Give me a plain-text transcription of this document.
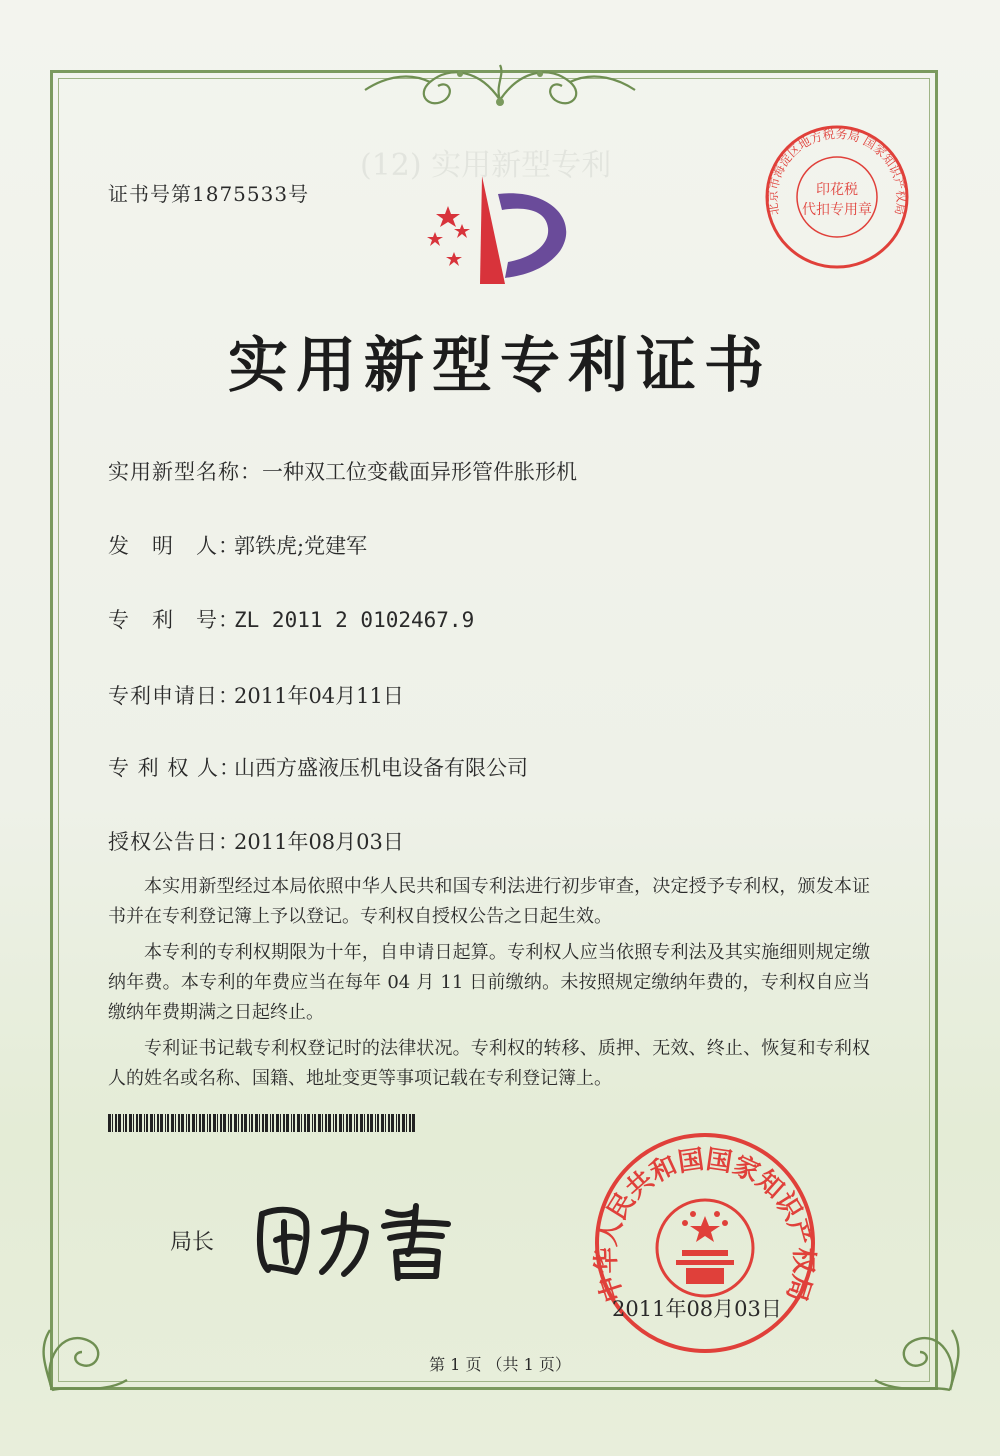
(12) 实用新型专利
证书号第1875533号
实用新型专利证书
实用新型名称：一种双工位变截面异形管件胀形机
发　明　人：郭铁虎;党建军
专　利　号：ZL 2011 2 0102467.9
专利申请日：2011年04月11日
专 利 权 人：山西方盛液压机电设备有限公司
授权公告日：2011年08月03日

本实用新型经过本局依照中华人民共和国专利法进行初步审查，决定授予专利权，颁发本证书并在专利登记簿上予以登记。专利权自授权公告之日起生效。

本专利的专利权期限为十年，自申请日起算。专利权人应当依照专利法及其实施细则规定缴纳年费。本专利的年费应当在每年 04 月 11 日前缴纳。未按照规定缴纳年费的，专利权自应当缴纳年费期满之日起终止。

专利证书记载专利权登记时的法律状况。专利权的转移、质押、无效、终止、恢复和专利权人的姓名或名称、国籍、地址变更等事项记载在专利登记簿上。

中华人民共和国国家知识产权局
北京市海淀区地方税务局 国家知识产权局
印花税
代扣专用章
局长
2011年08月03日
第 1 页 （共 1 页）
